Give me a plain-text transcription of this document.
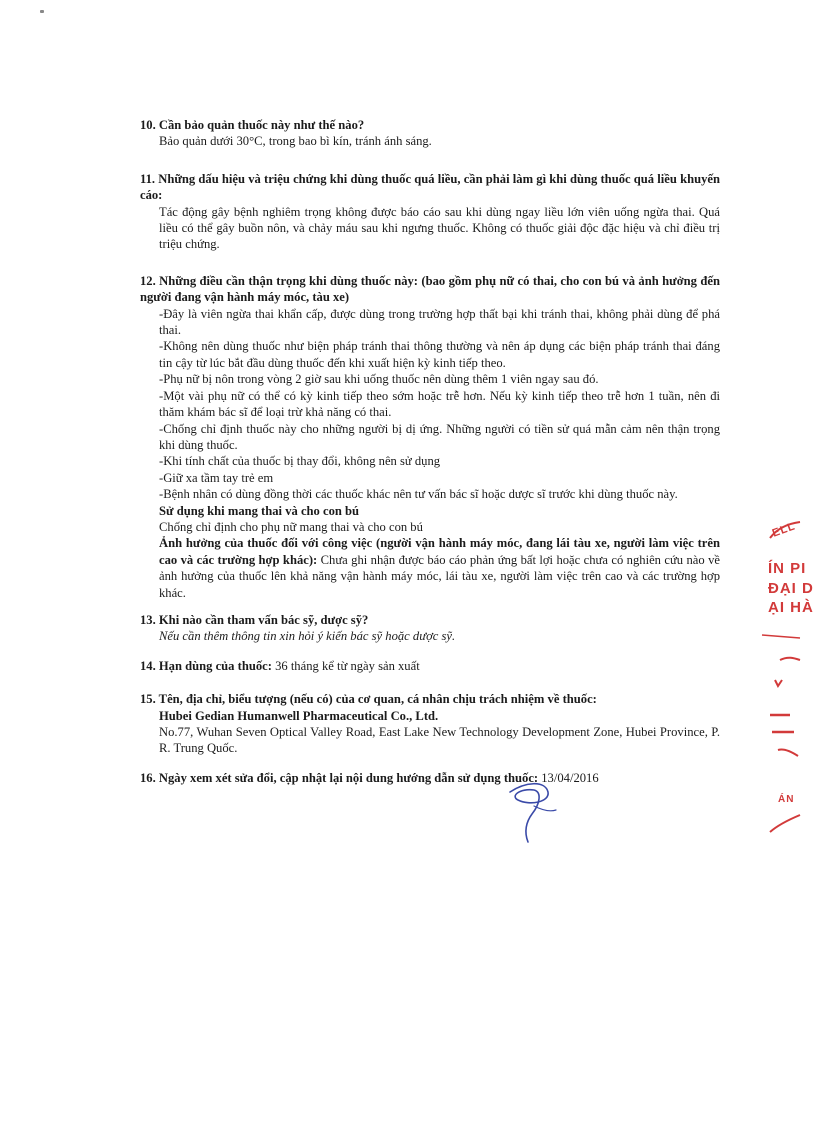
10. Cần bảo quản thuốc này như thế nào?

Bảo quản dưới 30°C, trong bao bì kín, tránh ánh sáng.

11. Những dấu hiệu và triệu chứng khi dùng thuốc quá liều, cần phải làm gì khi dùng thuốc quá liều khuyến cáo:

Tác động gây bệnh nghiêm trọng không được báo cáo sau khi dùng ngay liều lớn viên uống ngừa thai. Quá liều có thể gây buồn nôn, và chảy máu sau khi ngưng thuốc. Không có thuốc giải độc đặc hiệu và chỉ điều trị triệu chứng.

12. Những điều cần thận trọng khi dùng thuốc này: (bao gồm phụ nữ có thai, cho con bú và ảnh hưởng đến người đang vận hành máy móc, tàu xe)

-Đây là viên ngừa thai khẩn cấp, được dùng trong trường hợp thất bại khi tránh thai, không phải dùng để phá thai.

-Không nên dùng thuốc như biện pháp tránh thai thông thường và nên áp dụng các biện pháp tránh thai đáng tin cậy từ lúc bắt đầu dùng thuốc đến khi xuất hiện kỳ kinh tiếp theo.

-Phụ nữ bị nôn trong vòng 2 giờ sau khi uống thuốc nên dùng thêm 1 viên ngay sau đó.

-Một vài phụ nữ có thể có kỳ kinh tiếp theo sớm hoặc trễ hơn. Nếu kỳ kinh tiếp theo trễ hơn 1 tuần, nên đi thăm khám bác sĩ để loại trừ khả năng có thai.

-Chống chỉ định thuốc này cho những người bị dị ứng. Những người có tiền sử quá mẫn cảm nên thận trọng khi dùng thuốc.

-Khi tính chất của thuốc bị thay đổi, không nên sử dụng

-Giữ xa tầm tay trẻ em

-Bệnh nhân có dùng đồng thời các thuốc khác nên tư vấn bác sĩ hoặc dược sĩ trước khi dùng thuốc này.

Sử dụng khi mang thai và cho con bú

Chống chỉ định cho phụ nữ mang thai và cho con bú

Ảnh hưởng của thuốc đối với công việc (người vận hành máy móc, đang lái tàu xe, người làm việc trên cao và các trường hợp khác): Chưa ghi nhận được báo cáo phản ứng bất lợi hoặc chưa có nghiên cứu nào về ảnh hưởng của thuốc lên khả năng vận hành máy móc, lái tàu xe, người làm việc trên cao và các trường hợp khác.

13. Khi nào cần tham vấn bác sỹ, dược sỹ?

Nếu cần thêm thông tin xin hỏi ý kiến bác sỹ hoặc dược sỹ.

14. Hạn dùng của thuốc: 36 tháng kể từ ngày sản xuất

15. Tên, địa chỉ, biểu tượng (nếu có) của cơ quan, cá nhân chịu trách nhiệm về thuốc:

Hubei Gedian Humanwell Pharmaceutical Co., Ltd.

No.77, Wuhan Seven Optical Valley Road, East Lake New Technology Development Zone, Hubei Province, P. R. Trung Quốc.

16. Ngày xem xét sửa đổi, cập nhật lại nội dung hướng dẫn sử dụng thuốc: 13/04/2016

ELL
ÍN PI
ĐẠI D
ẠI HÀ
ÁN
